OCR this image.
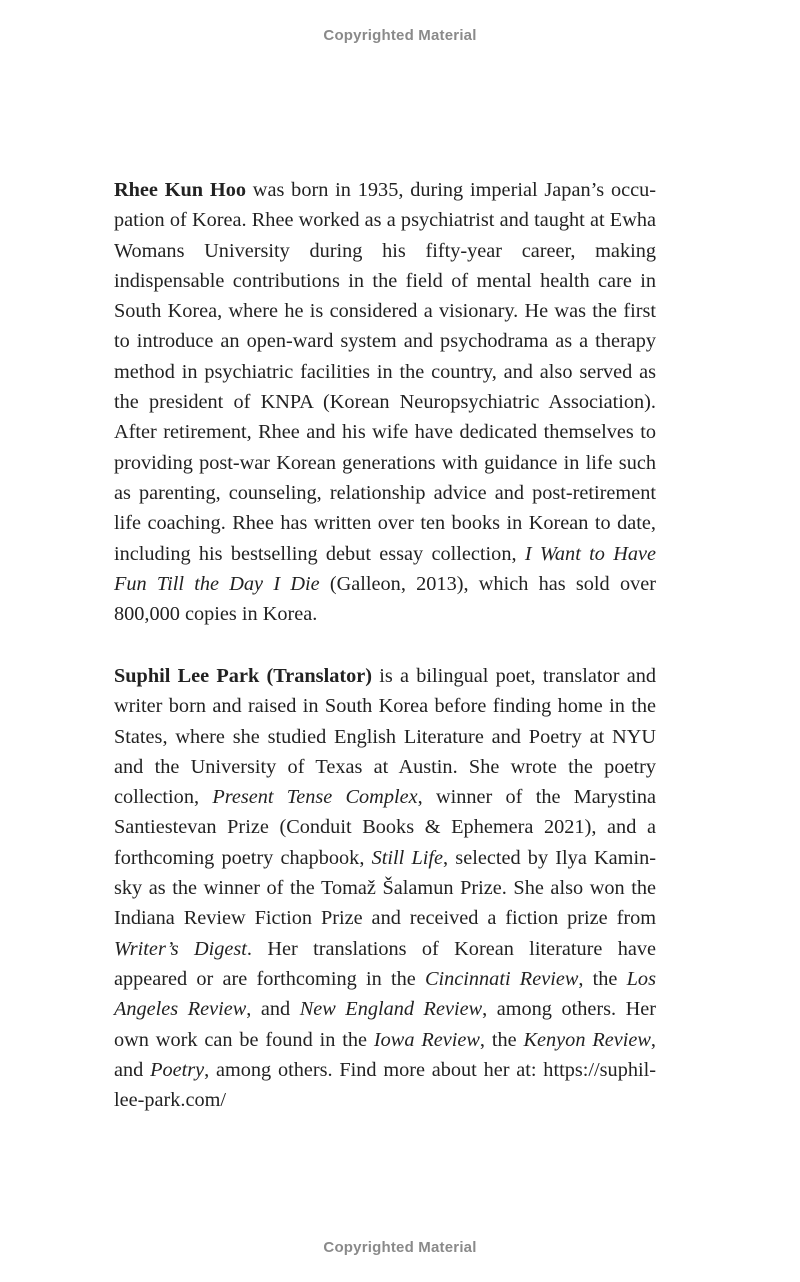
Copyrighted Material

Rhee Kun Hoo was born in 1935, during imperial Japan’s occupation of Korea. Rhee worked as a psychiatrist and taught at Ewha Womans University during his fifty-year career, making indispensable contributions in the field of mental health care in South Korea, where he is considered a visionary. He was the first to introduce an open-ward system and psychodrama as a therapy method in psychiatric facilities in the country, and also served as the president of KNPA (Korean Neuropsychiatric Association). After retirement, Rhee and his wife have dedicated themselves to providing post-war Korean generations with guidance in life such as parenting, counseling, relationship advice and post-retirement life coaching. Rhee has written over ten books in Korean to date, including his bestselling debut essay collection, I Want to Have Fun Till the Day I Die (Galleon, 2013), which has sold over 800,000 copies in Korea.

Suphil Lee Park (Translator) is a bilingual poet, translator and writer born and raised in South Korea before finding home in the States, where she studied English Literature and Poetry at NYU and the University of Texas at Austin. She wrote the poetry collection, Present Tense Complex, winner of the Marystina Santiestevan Prize (Conduit Books & Ephemera 2021), and a forthcoming poetry chapbook, Still Life, selected by Ilya Kaminsky as the winner of the Tomaž Šalamun Prize. She also won the Indiana Review Fiction Prize and received a fiction prize from Writer’s Digest. Her translations of Korean literature have appeared or are forthcoming in the Cincinnati Review, the Los Angeles Review, and New England Review, among others. Her own work can be found in the Iowa Review, the Kenyon Review, and Poetry, among others. Find more about her at: https://suphil-lee-park.com/

Copyrighted Material
